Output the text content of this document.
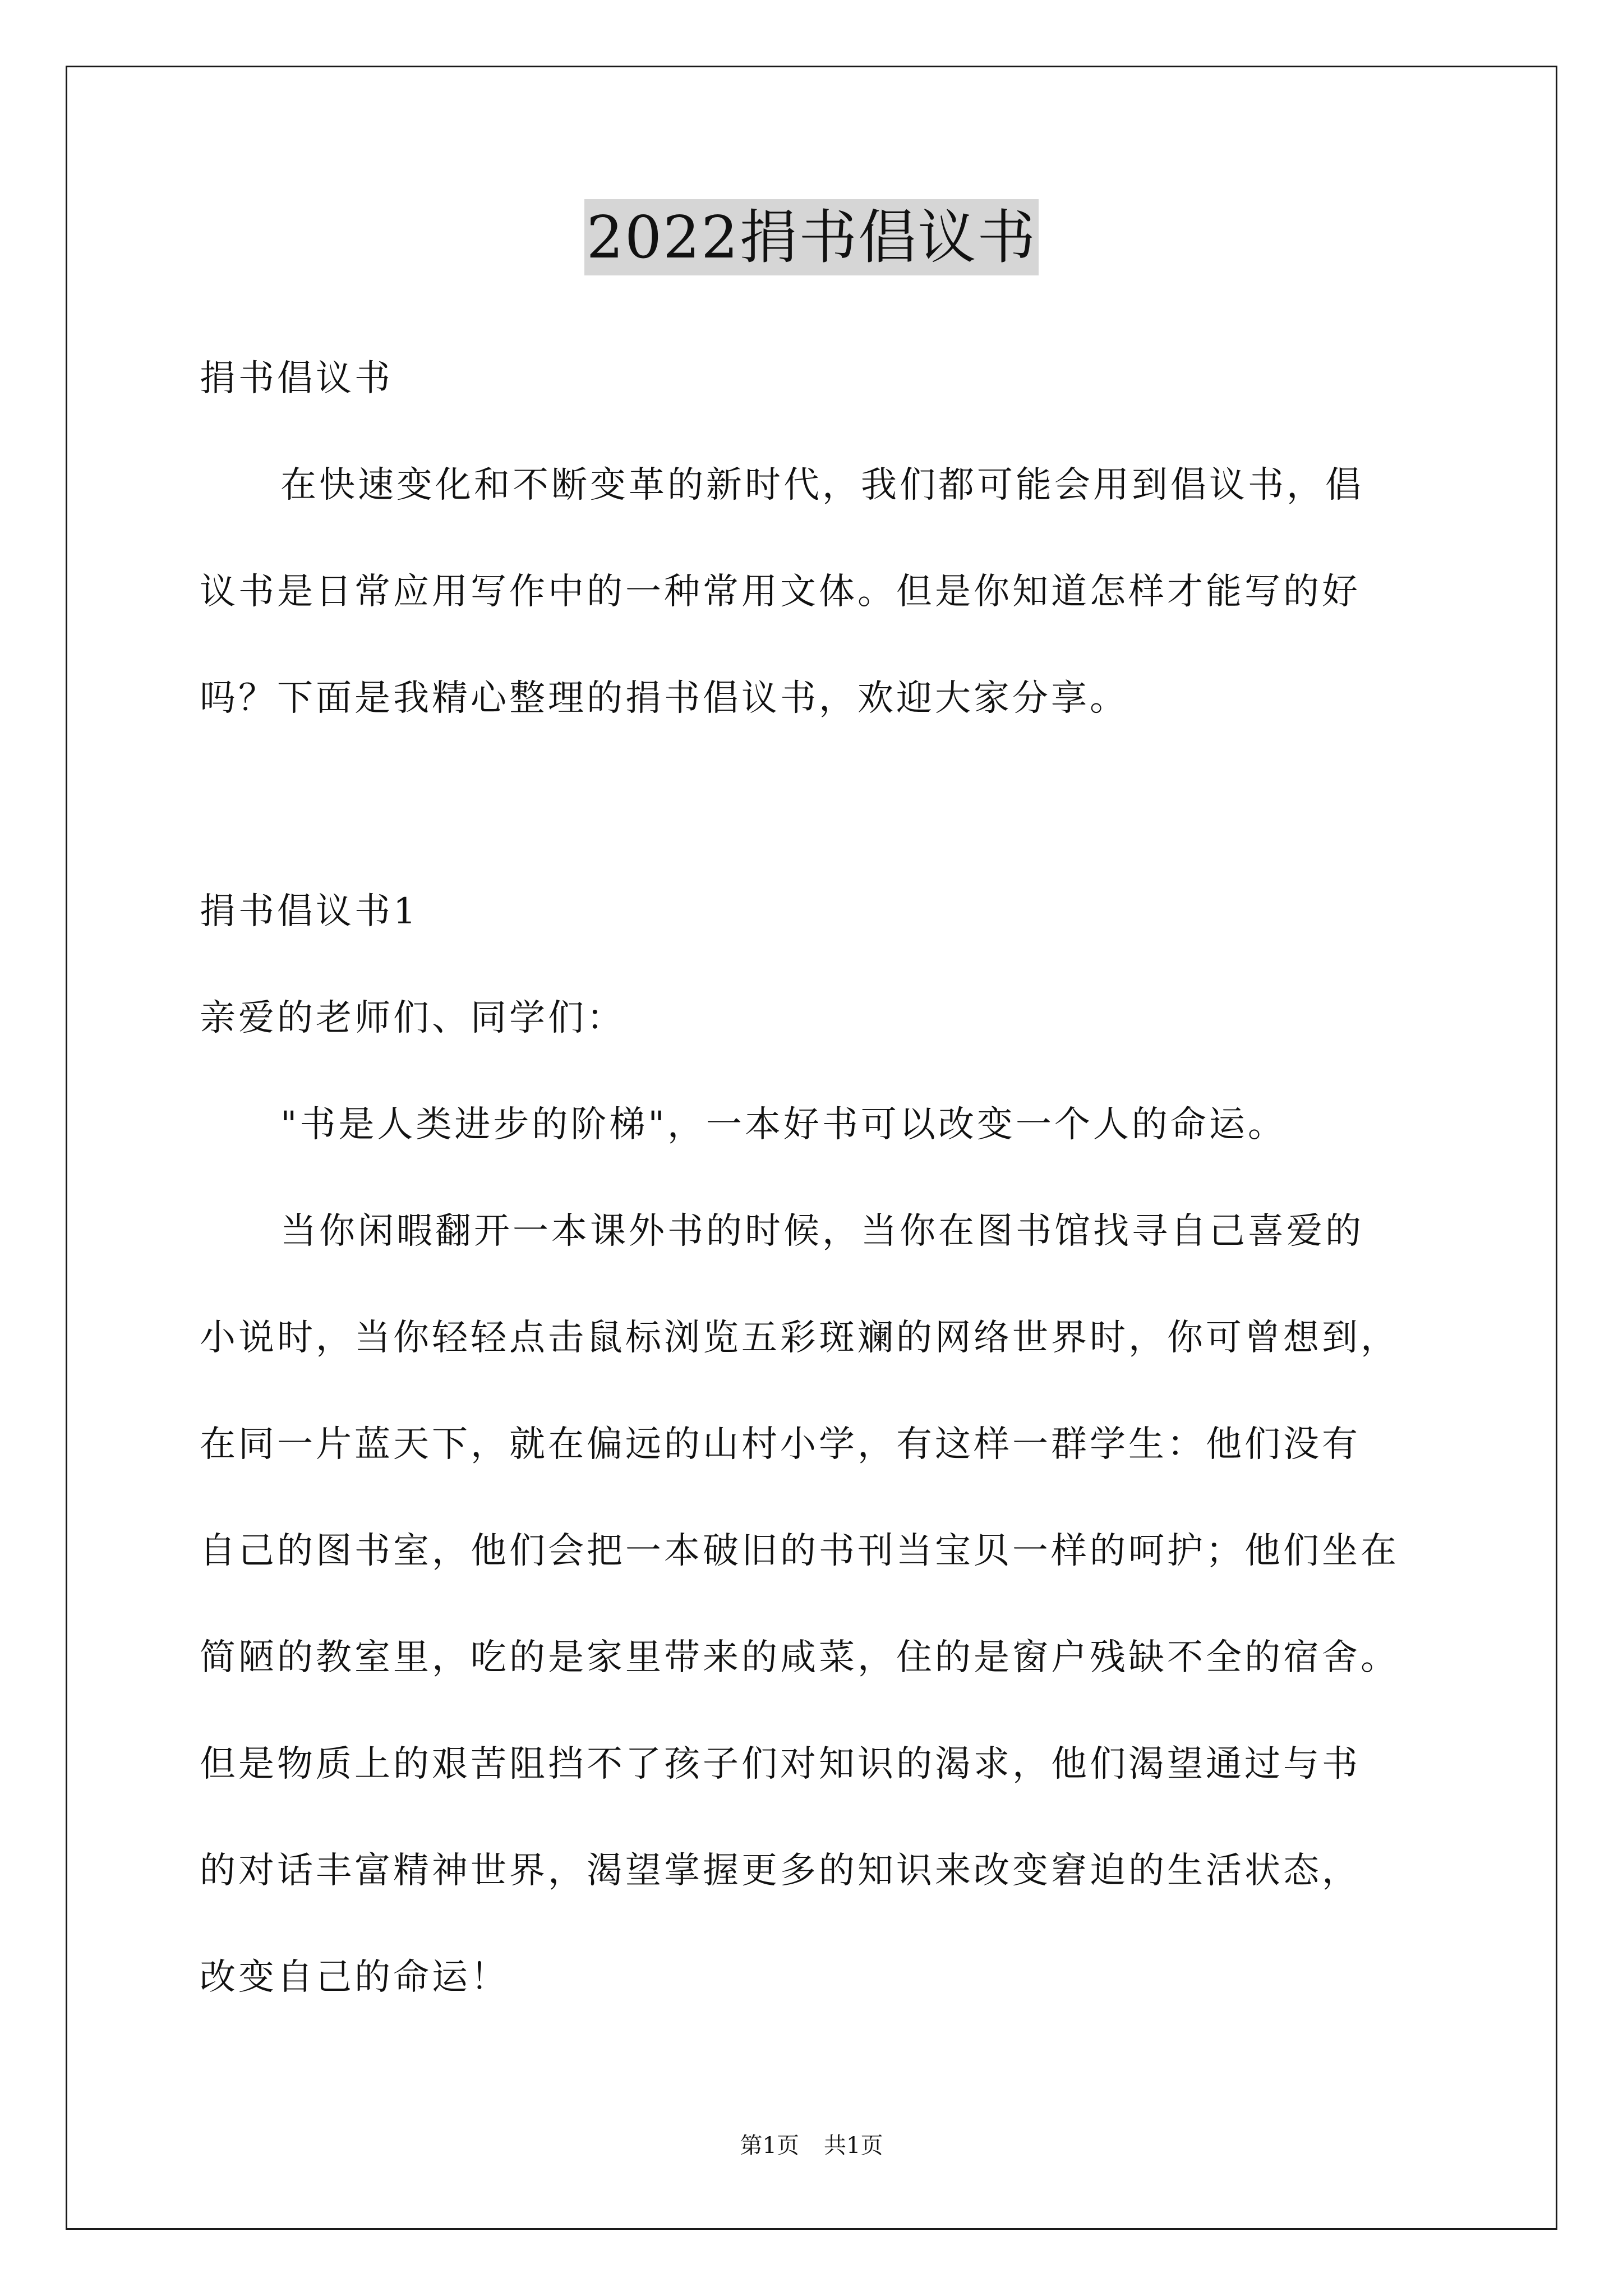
2022捐书倡议书
捐书倡议书
在快速变化和不断变革的新时代，我们都可能会用到倡议书，倡
议书是日常应用写作中的一种常用文体。但是你知道怎样才能写的好
吗？下面是我精心整理的捐书倡议书，欢迎大家分享。
捐书倡议书1
亲爱的老师们、同学们：
"书是人类进步的阶梯"，一本好书可以改变一个人的命运。
当你闲暇翻开一本课外书的时候，当你在图书馆找寻自己喜爱的
小说时，当你轻轻点击鼠标浏览五彩斑斓的网络世界时，你可曾想到，
在同一片蓝天下，就在偏远的山村小学，有这样一群学生：他们没有
自己的图书室，他们会把一本破旧的书刊当宝贝一样的呵护；他们坐在
简陋的教室里，吃的是家里带来的咸菜，住的是窗户残缺不全的宿舍。
但是物质上的艰苦阻挡不了孩子们对知识的渴求，他们渴望通过与书
的对话丰富精神世界，渴望掌握更多的知识来改变窘迫的生活状态，
改变自己的命运！
第1页 共1页
